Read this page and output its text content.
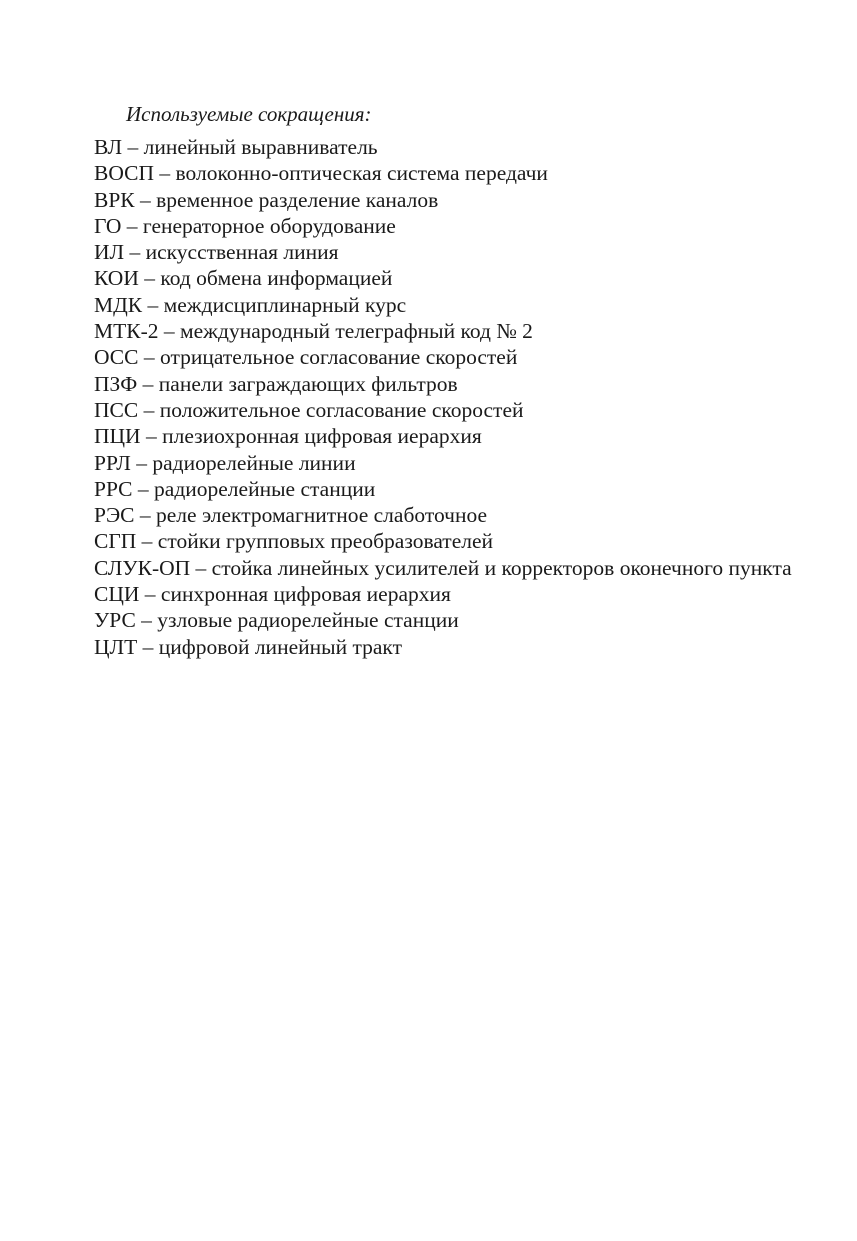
Используемые сокращения:
ВЛ – линейный выравниватель
ВОСП – волоконно-оптическая система передачи
ВРК – временное разделение каналов
ГО – генераторное оборудование
ИЛ – искусственная линия
КОИ – код обмена информацией
МДК – междисциплинарный курс
МТК-2 – международный телеграфный код № 2
ОСС – отрицательное согласование скоростей
ПЗФ – панели заграждающих фильтров
ПСС – положительное согласование скоростей
ПЦИ – плезиохронная цифровая иерархия
РРЛ – радиорелейные линии
РРС – радиорелейные станции
РЭС – реле электромагнитное слаботочное
СГП – стойки групповых преобразователей
СЛУК-ОП – стойка линейных усилителей и корректоров оконечного пункта
СЦИ – синхронная цифровая иерархия
УРС – узловые радиорелейные станции
ЦЛТ – цифровой линейный тракт
